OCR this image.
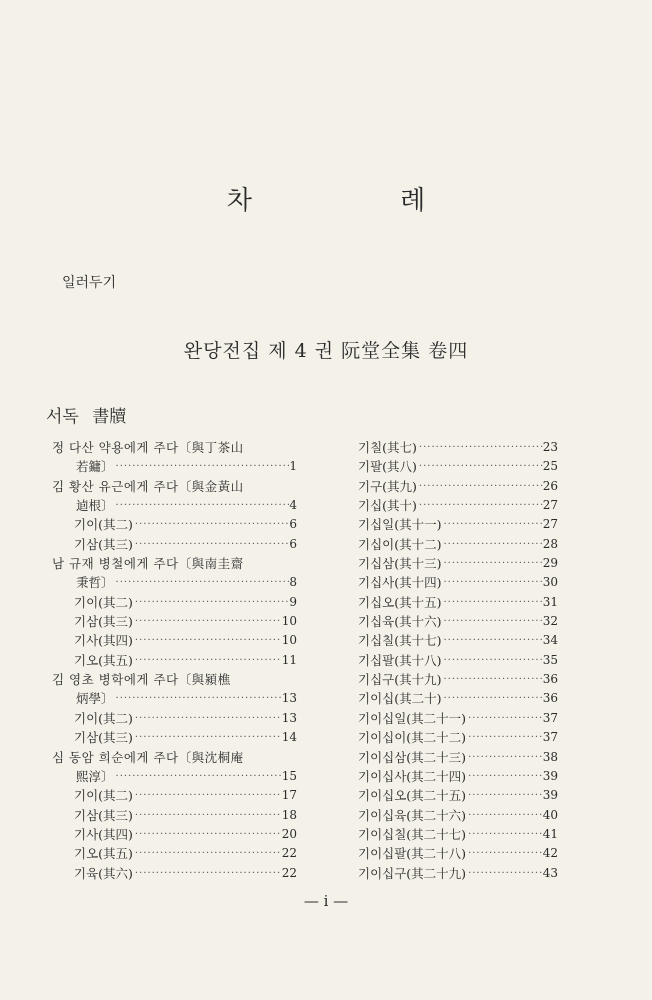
차 례
일러두기
완당전집 제 4 권 阮堂全集 卷四
서독 書牘
정 다산 약용에게 주다〔與丁茶山
若鏞〕 ·····	1
김 황산 유근에게 주다〔與金黃山
逌根〕 ·····	4
기이(其二) ·····	6
기삼(其三) ·····	6
남 규재 병철에게 주다〔與南圭齋
秉哲〕 ·····	8
기이(其二) ·····	9
기삼(其三) ·····	10
기사(其四) ·····	10
기오(其五) ·····	11
김 영초 병학에게 주다〔與潁樵
炳學〕 ·····	13
기이(其二) ·····	13
기삼(其三) ·····	14
심 동암 희순에게 주다〔與沈桐庵
熙淳〕 ·····	15
기이(其二) ·····	17
기삼(其三) ·····	18
기사(其四) ·····	20
기오(其五) ·····	22
기육(其六) ·····	22
기칠(其七) ·····	23
기팔(其八) ·····	25
기구(其九) ·····	26
기십(其十) ·····	27
기십일(其十一) ·····	27
기십이(其十二) ·····	28
기십삼(其十三) ·····	29
기십사(其十四) ·····	30
기십오(其十五) ·····	31
기십육(其十六) ·····	32
기십칠(其十七) ·····	34
기십팔(其十八) ·····	35
기십구(其十九) ·····	36
기이십(其二十) ·····	36
기이십일(其二十一) ·····	37
기이십이(其二十二) ·····	37
기이십삼(其二十三) ·····	38
기이십사(其二十四) ·····	39
기이십오(其二十五) ·····	39
기이십육(其二十六) ·····	40
기이십칠(其二十七) ·····	41
기이십팔(其二十八) ·····	42
기이십구(其二十九) ·····	43
— i —
